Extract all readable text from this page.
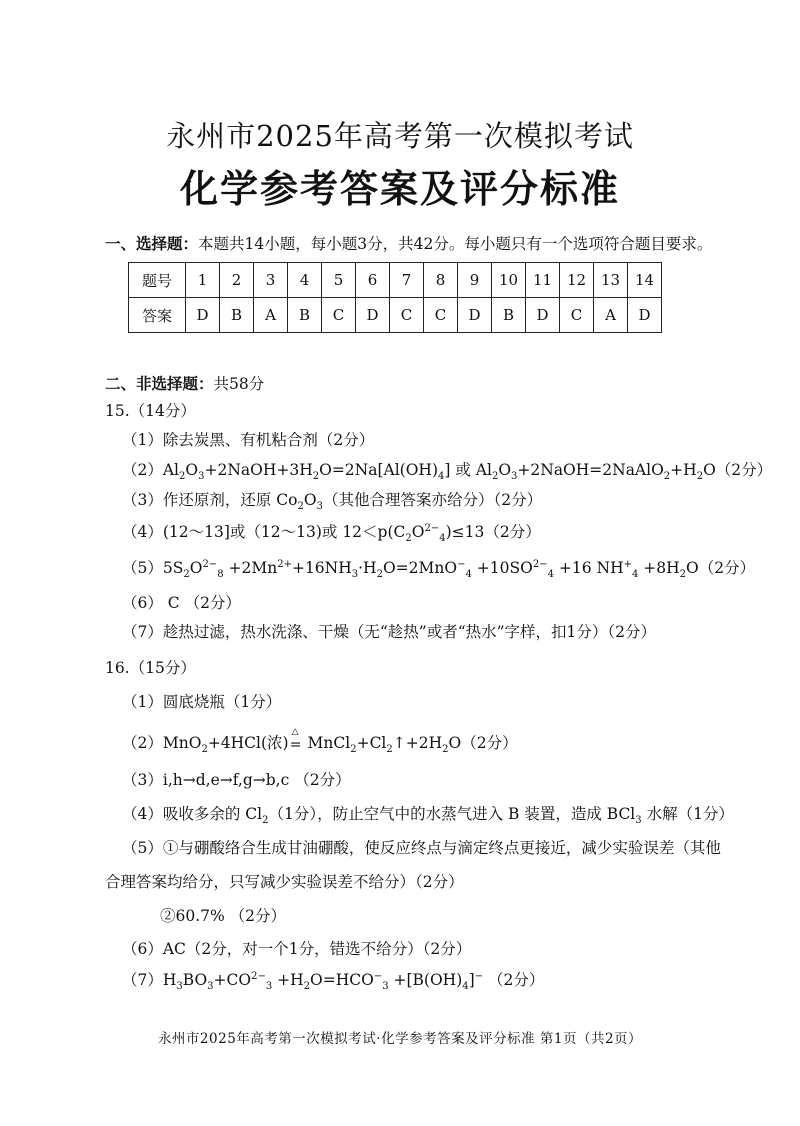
永州市2025年高考第一次模拟考试
化学参考答案及评分标准
一、选择题：本题共14小题，每小题3分，共42分。每小题只有一个选项符合题目要求。
题号	1	2	3	4	5	6	7	8	9	10	11	12	13	14
答案	D	B	A	B	C	D	C	C	D	B	D	C	A	D
二、非选择题：共58分
15.（14分）
（1）除去炭黑、有机粘合剂（2分）
$(2)Al_2O_3+2NaOH+3H_2O=2Na[Al(OH)_4]$ 或 $Al_2O_3+2NaOH=2NaAlO_2+H_2O(2$分）
（3）作还原剂，还原 $Co_2O_3$（其他合理答案亦给分）（2分）
（4）(12～13]或（12～13)或 $12<p(C_2O^{2-}_4)\le 13(2$分）
$(5)5S_2O^{2-}_8 +2Mn^{2+}+16NH_3\cdot H_2O=2MnO^-_4 +10SO^{2-}_4 +16$ $NH^+_4 +8H_2O(2$分）
（6） C （2分）
（7）趁热过滤，热水洗涤、干燥（无“趁热”或者“热水”字样，扣1分）（2分）
16.（15分）
（1）圆底烧瓶（1分）
（2）MnO$_2$+4HCl(浓)
△
= $MnCl_2+Cl_2↑+2H_2O(2$分）
（3）i,h→d,e→f,g→b,c （2分）
（4）吸收多余的 $Cl_2(1$分），防止空气中的水蒸气进入 B 装置，造成 BCl$_3$ 水解（1分）
（5）①与硼酸络合生成甘油硼酸，使反应终点与滴定终点更接近，减少实验误差（其他
合理答案均给分，只写减少实验误差不给分）（2分）
②60.7% （2分）
（6）AC（2分，对一个1分，错选不给分）（2分）
$(7)H_3BO_3+CO^{2-}_3 +H_2O=HCO^-_3 +[B(OH)_4]^-$ （2分）
永州市2025年高考第一次模拟考试·化学参考答案及评分标准 第1页（共2页）
